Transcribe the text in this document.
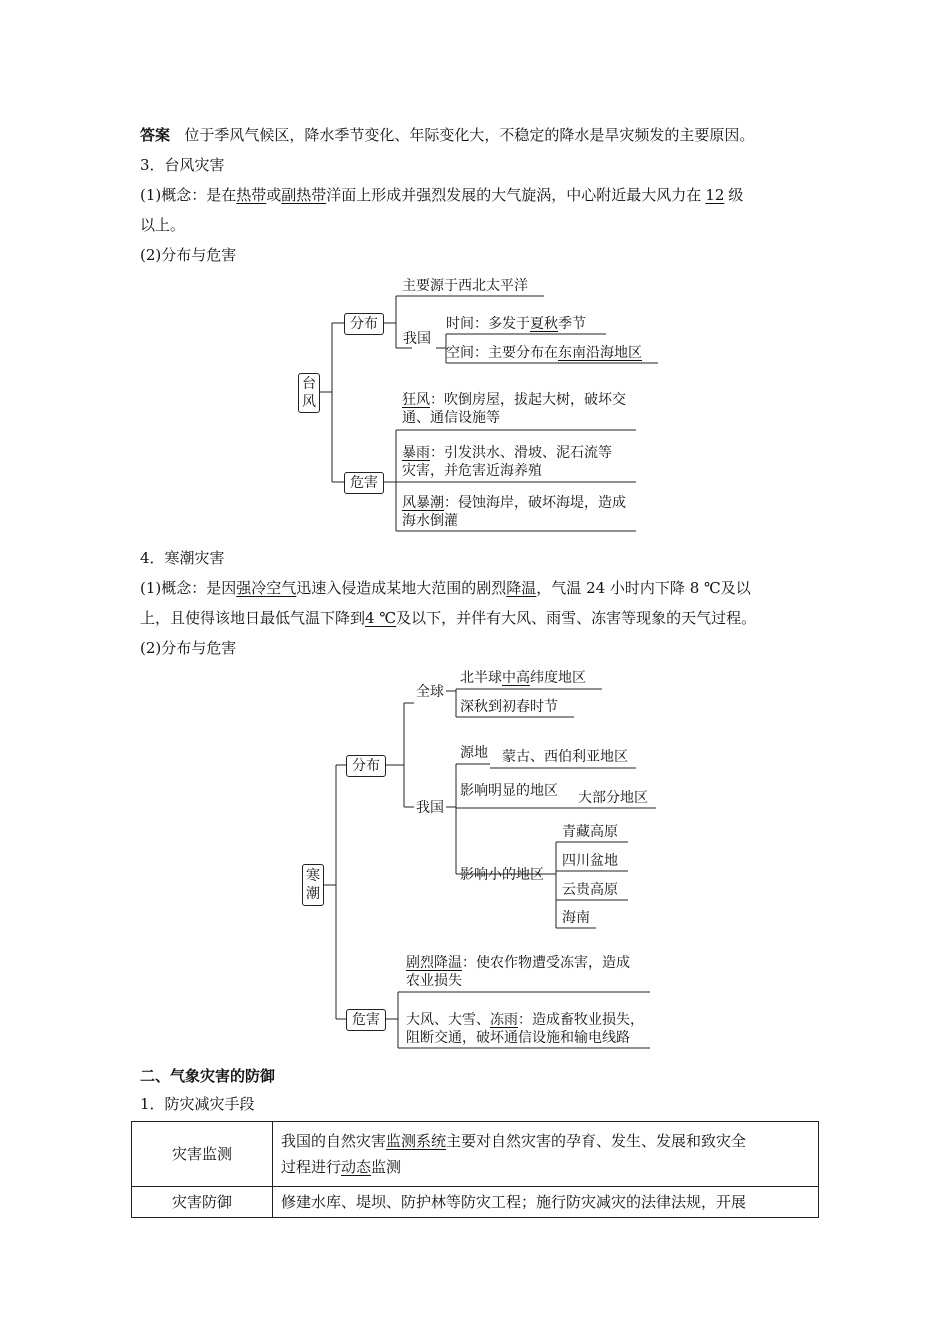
答案 位于季风气候区，降水季节变化、年际变化大，不稳定的降水是旱灾频发的主要原因。
3．台风灾害
(1)概念：是在热带或副热带洋面上形成并强烈发展的大气旋涡，中心附近最大风力在 12 级
以上。
(2)分布与危害
台风
分布
危害
主要源于西北太平洋
我国
时间：多发于夏秋季节
空间：主要分布在东南沿海地区
狂风：吹倒房屋，拔起大树，破坏交
通、通信设施等
暴雨：引发洪水、滑坡、泥石流等
灾害，并危害近海养殖
风暴潮：侵蚀海岸，破坏海堤，造成
海水倒灌
4．寒潮灾害
(1)概念：是因强冷空气迅速入侵造成某地大范围的剧烈降温，气温 24 小时内下降 8 ℃及以
上，且使得该地日最低气温下降到4 ℃及以下，并伴有大风、雨雪、冻害等现象的天气过程。
(2)分布与危害
寒潮
分布
危害
全球
北半球中高纬度地区
深秋到初春时节
我国
源地 蒙古、西伯利亚地区
影响明显的地区 大部分地区
影响小的地区
青藏高原
四川盆地
云贵高原
海南
剧烈降温：使农作物遭受冻害，造成
农业损失
大风、大雪、冻雨：造成畜牧业损失，
阻断交通，破坏通信设施和输电线路
二、气象灾害的防御
1．防灾减灾手段
灾害监测	我国的自然灾害监测系统主要对自然灾害的孕育、发生、发展和致灾全
过程进行动态监测
灾害防御	修建水库、堤坝、防护林等防灾工程；施行防灾减灾的法律法规，开展
